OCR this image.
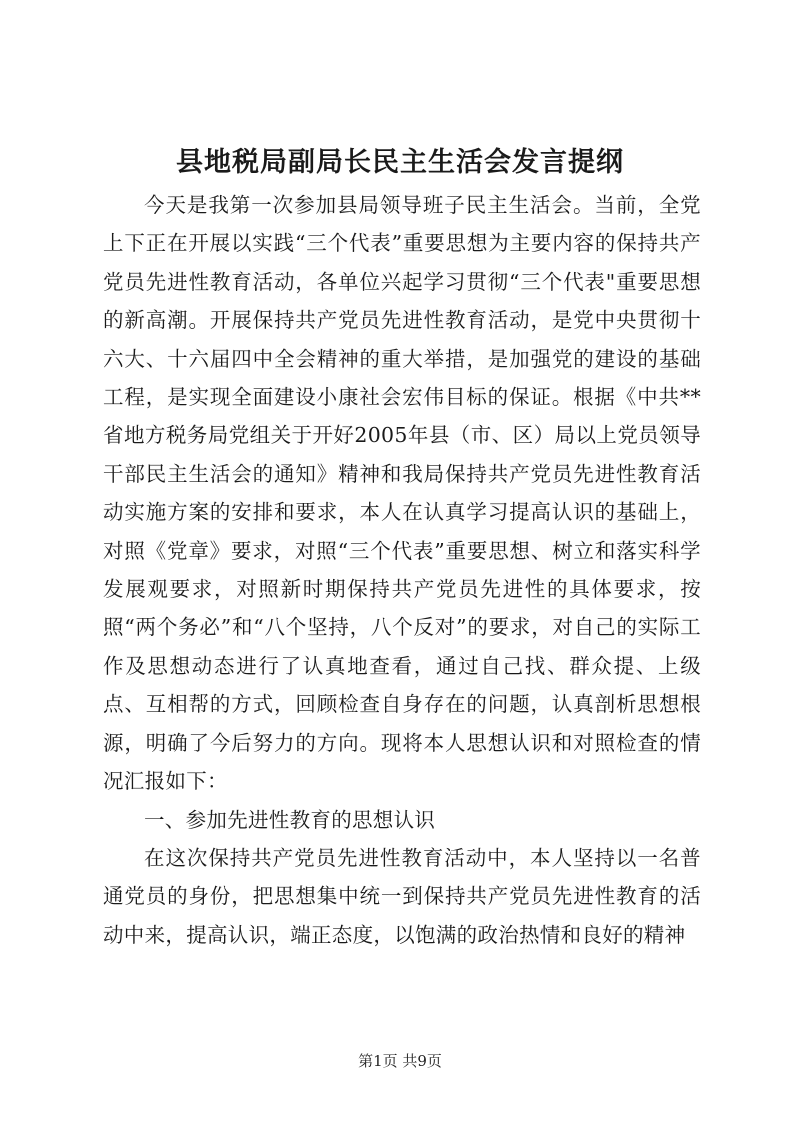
县地税局副局长民主生活会发言提纲

今天是我第一次参加县局领导班子民主生活会。当前，全党上下正在开展以实践“三个代表”重要思想为主要内容的保持共产党员先进性教育活动，各单位兴起学习贯彻“三个代表"重要思想的新高潮。开展保持共产党员先进性教育活动，是党中央贯彻十六大、十六届四中全会精神的重大举措，是加强党的建设的基础工程，是实现全面建设小康社会宏伟目标的保证。根据《中共**省地方税务局党组关于开好2005年县（市、区）局以上党员领导干部民主生活会的通知》精神和我局保持共产党员先进性教育活动实施方案的安排和要求，本人在认真学习提高认识的基础上，对照《党章》要求，对照“三个代表”重要思想、树立和落实科学发展观要求，对照新时期保持共产党员先进性的具体要求，按照“两个务必”和“八个坚持，八个反对”的要求，对自己的实际工作及思想动态进行了认真地查看，通过自己找、群众提、上级点、互相帮的方式，回顾检查自身存在的问题，认真剖析思想根源，明确了今后努力的方向。现将本人思想认识和对照检查的情况汇报如下：

一、参加先进性教育的思想认识

在这次保持共产党员先进性教育活动中，本人坚持以一名普通党员的身份，把思想集中统一到保持共产党员先进性教育的活动中来，提高认识，端正态度，以饱满的政治热情和良好的精神

第1页 共9页
